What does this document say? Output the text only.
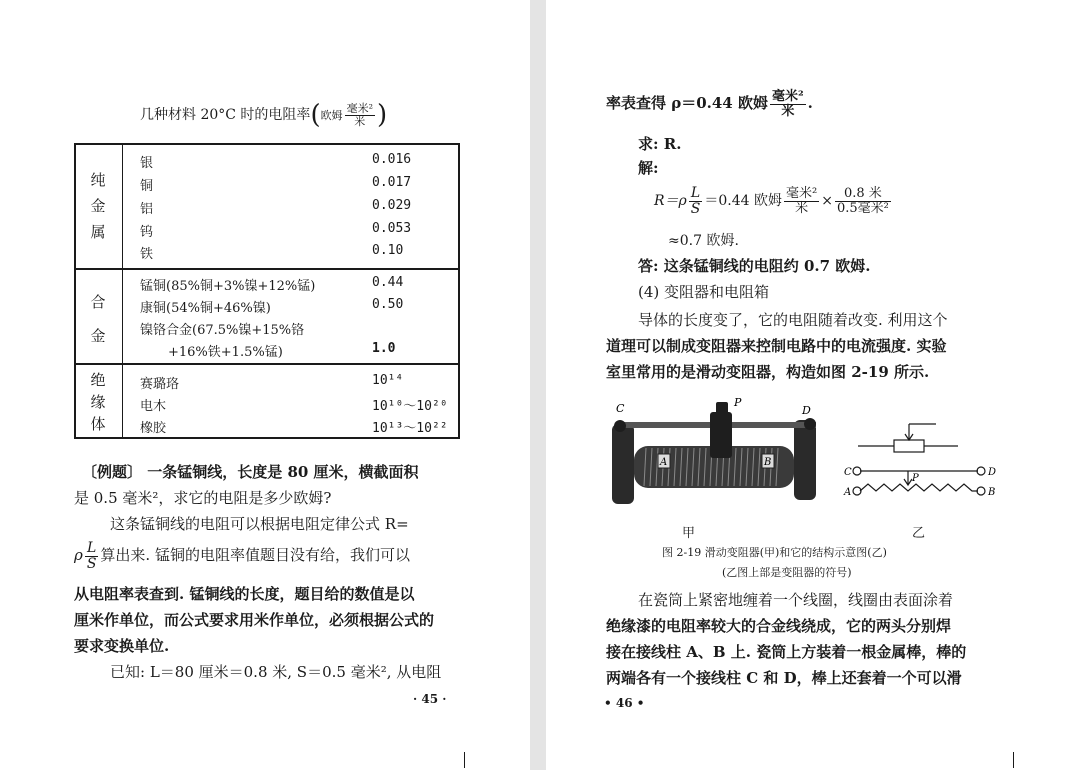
几种材料 20°C 时的电阻率(欧姆 $\frac{\text{毫米²}}{\text{米}}$ )
纯
金
属
合
金
绝
缘
体
银	0.016
铜	0.017
铝	0.029
钨	0.053
铁	0.10
锰铜(85%铜+3%镍+12%锰)	0.44
康铜(54%铜+46%镍)	0.50
镍铬合金(67.5%镍+15%铬
+16%铁+1.5%锰)	1.0
赛璐珞	10¹⁴
电木	10¹⁰～10²⁰
橡胶	10¹³～10²²
〔例题〕 一条锰铜线，长度是 80 厘米，横截面积
是 0.5 毫米²，求它的电阻是多少欧姆?
这条锰铜线的电阻可以根据电阻定律公式 R=
ρ $\frac{L}{S}$ 算出来. 锰铜的电阻率值题目没有给，我们可以
从电阻率表查到. 锰铜线的长度，题目给的数值是以
厘米作单位，而公式要求用米作单位，必须根据公式的
要求变换单位.
已知: L＝80 厘米＝0.8 米, S＝0.5 毫米², 从电阻
· 45 ·
率表查得 ρ＝0.44 欧姆 $\frac{\text{毫米²}}{\text{米}}$ .
求: R.
解:
$R=\rho \frac{L}{S} =0.44$ 欧姆 $\frac{\text{毫米²}}{\text{米}} \times \frac{\text{0.8 米}}{\text{0.5毫米²}}$
≈0.7 欧姆.
答: 这条锰铜线的电阻约 0.7 欧姆.
(4) 变阻器和电阻箱
导体的长度变了，它的电阻随着改变. 利用这个
道理可以制成变阻器来控制电路中的电流强度. 实验
室里常用的是滑动变阻器，构造如图 2-19 所示.
C	P
D
A	B
C	D
A	B
P
甲	乙
图 2-19 滑动变阻器(甲)和它的结构示意图(乙)
(乙图上部是变阻器的符号)
在瓷筒上紧密地缠着一个线圈，线圈由表面涂着
绝缘漆的电阻率较大的合金线绕成，它的两头分别焊
接在接线柱 A、B 上. 瓷筒上方装着一根金属棒，棒的
两端各有一个接线柱 C 和 D，棒上还套着一个可以滑
• 46 •
